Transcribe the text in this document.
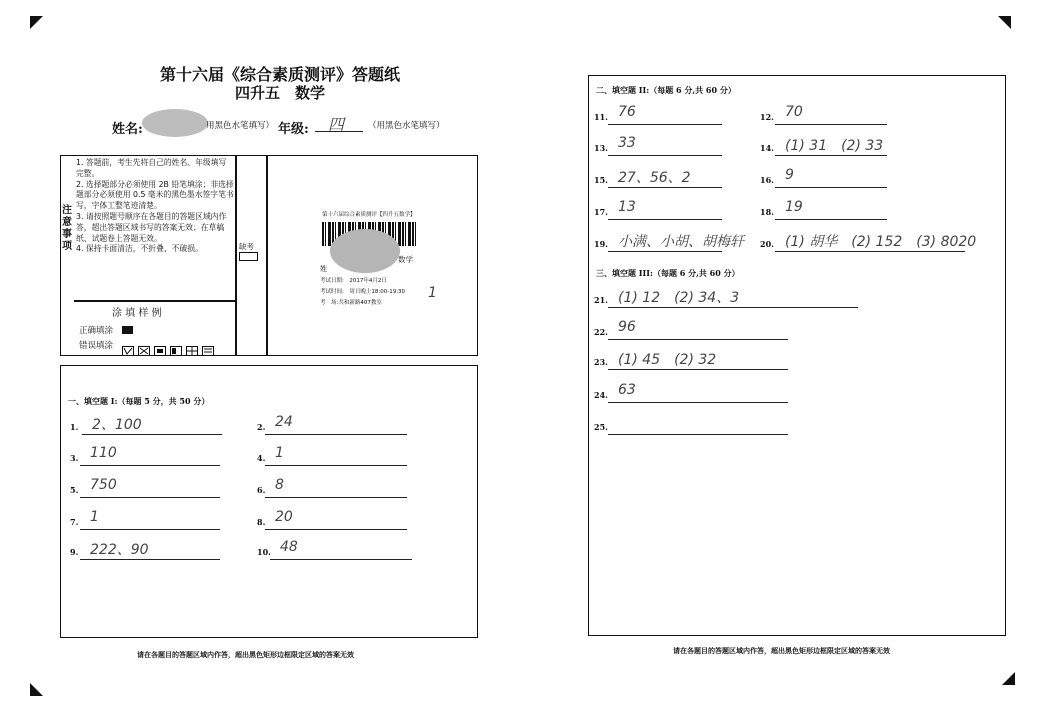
第十六届《综合素质测评》答题纸
四升五　数学
姓名:	用黑色水笔填写） 年级: 四	（用黑色水笔填写）
注意事项
1. 答题前，考生先将自己的姓名、年级填写完整。
2. 选择题部分必须使用 2B 铅笔填涂；非选择题部分必须使用 0.5 毫米的黑色墨水签字笔书写，字体工整笔迹清楚。
3. 请按照题号顺序在各题目的答题区域内作答，超出答题区域书写的答案无效；在草稿纸、试题卷上答题无效。
4. 保持卡面清洁，不折叠、不破损。	缺考
涂 填 样 例
正确填涂
错误填涂
第十六届综合素质测评【四升五数学】
数学
姓
考试日期:　 2017年4月2日
考试时间:　 周日晚上18:00-19:30
考　场:共和新路407教室
1
一、填空题 I:（每题 5 分，共 50 分）
1. 2、100	2. 24
3. 110	4. 1
5. 750	6. 8
7. 1	8. 20
9. 222、90	10. 48
二、填空题 II:（每题 6 分,共 60 分）
11. 76	12. 70
13. 33	14. (1) 31　(2) 33
15. 27、56、2	16. 9
17. 13	18. 19
19. 小满、小胡、胡梅轩 20. (1) 胡华　(2) 152　(3) 8020
三、填空题 III:（每题 6 分,共 60 分）
21. (1) 12　(2) 34、3
22. 96
23. (1) 45　(2) 32
24. 63
25.
请在各题目的答题区域内作答，超出黑色矩形边框限定区域的答案无效	请在各题目的答题区域内作答，超出黑色矩形边框限定区域的答案无效
